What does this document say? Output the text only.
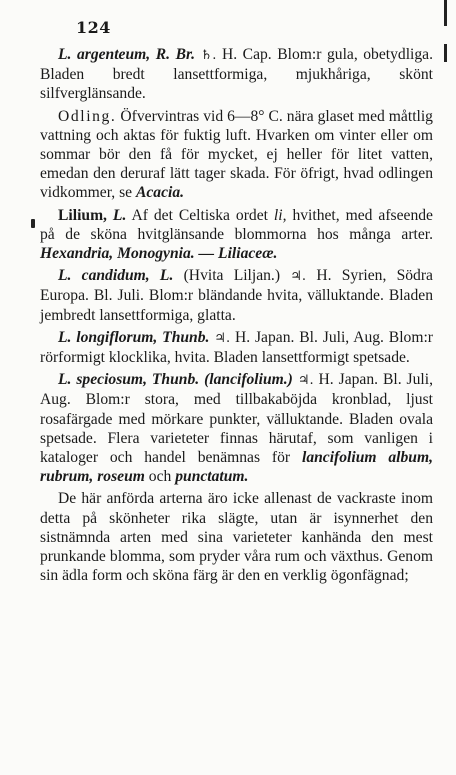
124

L. argenteum, R. Br. ♄. H. Cap. Blom:r gula, obetydliga. Bladen bredt lansettformiga, mjukhåriga, skönt silfverglänsande.

Odling. Öfvervintras vid 6—8° C. nära glaset med måttlig vattning och aktas för fuktig luft. Hvarken om vinter eller om sommar bör den få för mycket, ej heller för litet vatten, emedan den deruraf lätt tager skada. För öfrigt, hvad odlingen vidkommer, se Acacia.

Lilium, L. Af det Celtiska ordet li, hvithet, med afseende på de sköna hvitglänsande blommorna hos många arter. Hexandria, Monogynia. — Liliaceæ.

L. candidum, L. (Hvita Liljan.) ♃. H. Syrien, Södra Europa. Bl. Juli. Blom:r bländande hvita, välluktande. Bladen jembredt lansettformiga, glatta.

L. longiflorum, Thunb. ♃. H. Japan. Bl. Juli, Aug. Blom:r rörformigt klocklika, hvita. Bladen lansettformigt spetsade.

L. speciosum, Thunb. (lancifolium.) ♃. H. Japan. Bl. Juli, Aug. Blom:r stora, med tillbakaböjda kronblad, ljust rosafärgade med mörkare punkter, välluktande. Bladen ovala spetsade. Flera varieteter finnas härutaf, som vanligen i kataloger och handel benämnas för lancifolium album, rubrum, roseum och punctatum.

De här anförda arterna äro icke allenast de vackraste inom detta på skönheter rika slägte, utan är isynnerhet den sistnämnda arten med sina varieteter kanhända den mest prunkande blomma, som pryder våra rum och växthus. Genom sin ädla form och sköna färg är den en verklig ögonfägnad;
